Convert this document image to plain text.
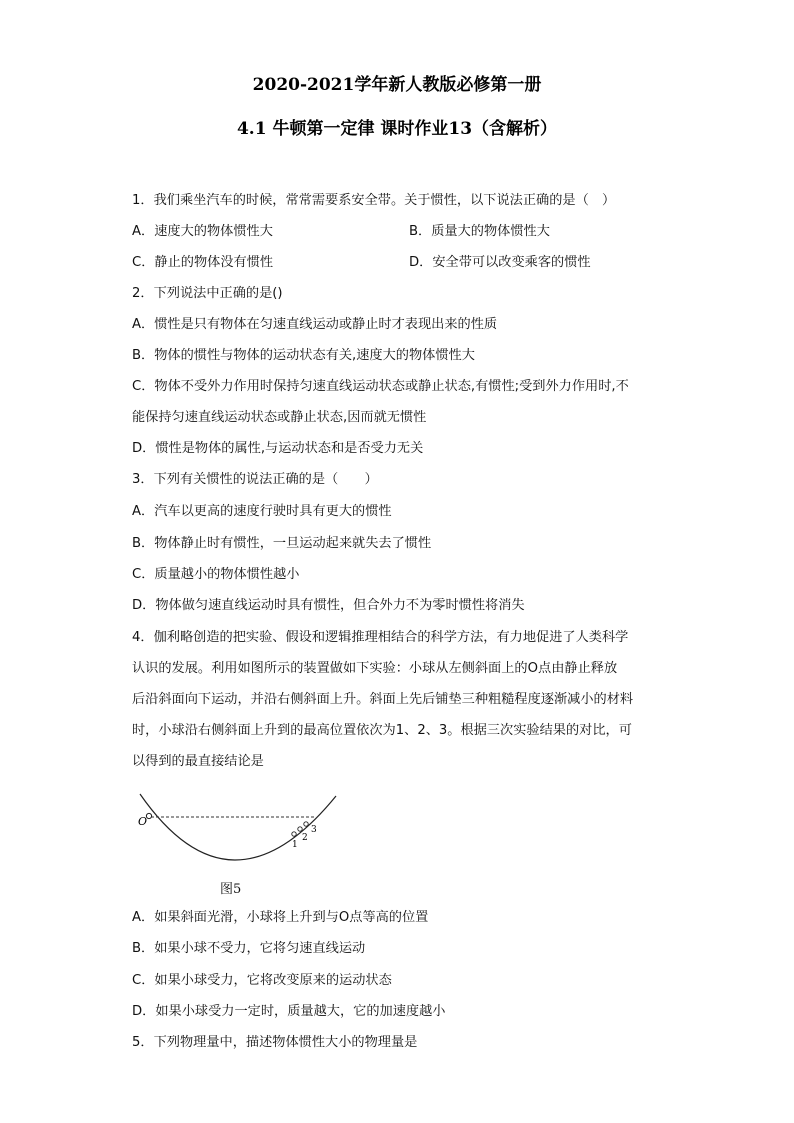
2020-2021学年新人教版必修第一册
4.1 牛顿第一定律 课时作业13（含解析）
1．我们乘坐汽车的时候，常常需要系安全带。关于惯性，以下说法正确的是（　）
A．速度大的物体惯性大	B．质量大的物体惯性大
C．静止的物体没有惯性	D．安全带可以改变乘客的惯性
2．下列说法中正确的是()
A．惯性是只有物体在匀速直线运动或静止时才表现出来的性质
B．物体的惯性与物体的运动状态有关,速度大的物体惯性大
C．物体不受外力作用时保持匀速直线运动状态或静止状态,有惯性;受到外力作用时,不
能保持匀速直线运动状态或静止状态,因而就无惯性
D．惯性是物体的属性,与运动状态和是否受力无关
3．下列有关惯性的说法正确的是（　　）
A．汽车以更高的速度行驶时具有更大的惯性
B．物体静止时有惯性，一旦运动起来就失去了惯性
C．质量越小的物体惯性越小
D．物体做匀速直线运动时具有惯性，但合外力不为零时惯性将消失
4．伽利略创造的把实验、假设和逻辑推理相结合的科学方法，有力地促进了人类科学
认识的发展。利用如图所示的装置做如下实验：小球从左侧斜面上的O点由静止释放
后沿斜面向下运动，并沿右侧斜面上升。斜面上先后铺垫三种粗糙程度逐渐减小的材料
时，小球沿右侧斜面上升到的最高位置依次为1、2、3。根据三次实验结果的对比，可
以得到的最直接结论是
O
1
2
3
图5
A．如果斜面光滑，小球将上升到与O点等高的位置
B．如果小球不受力，它将匀速直线运动
C．如果小球受力，它将改变原来的运动状态
D．如果小球受力一定时，质量越大，它的加速度越小
5．下列物理量中，描述物体惯性大小的物理量是
